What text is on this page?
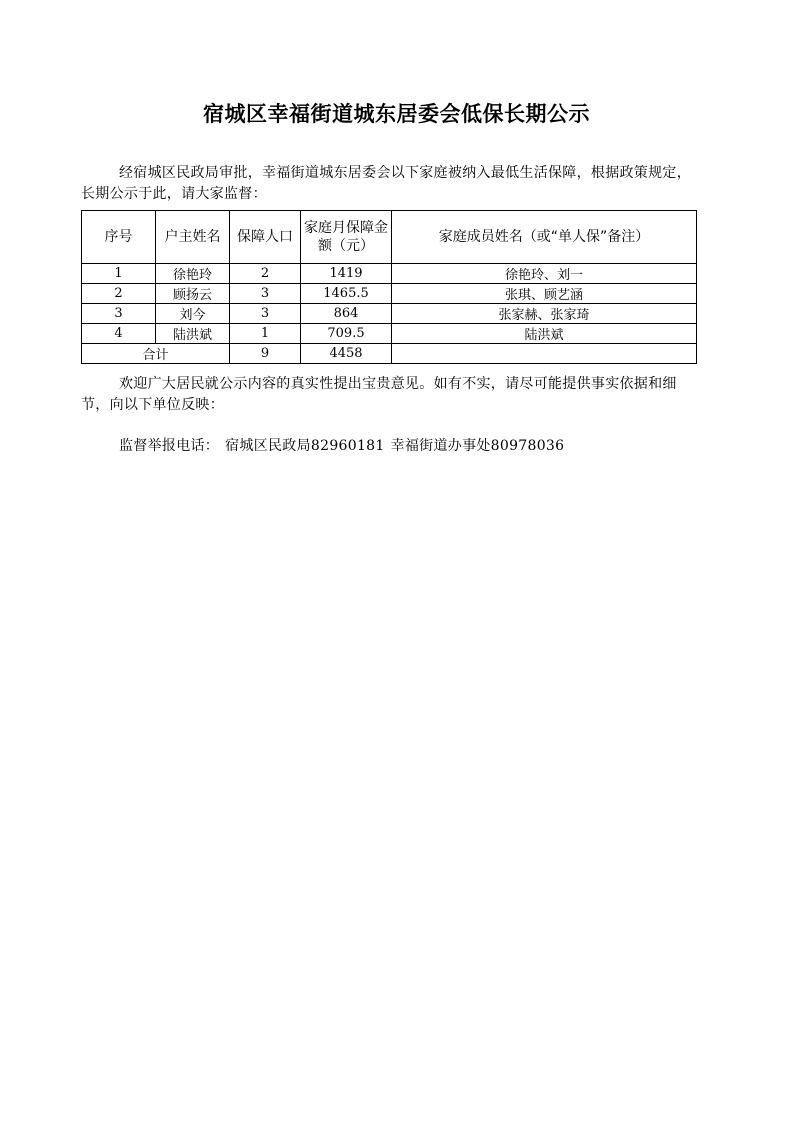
宿城区幸福街道城东居委会低保长期公示
经宿城区民政局审批，幸福街道城东居委会以下家庭被纳入最低生活保障，根据政策规定，长期公示于此，请大家监督：
序号	户主姓名	保障人口	家庭月保障金额（元）	家庭成员姓名（或“单人保”备注）
1	徐艳玲	2	1419	徐艳玲、刘一
2	顾扬云	3	1465.5	张琪、顾艺涵
3	刘今	3	864	张家赫、张家琦
4	陆洪斌	1	709.5	陆洪斌
合计		9	4458	
欢迎广大居民就公示内容的真实性提出宝贵意见。如有不实，请尽可能提供事实依据和细节，向以下单位反映：
监督举报电话： 宿城区民政局82960181 幸福街道办事处80978036
